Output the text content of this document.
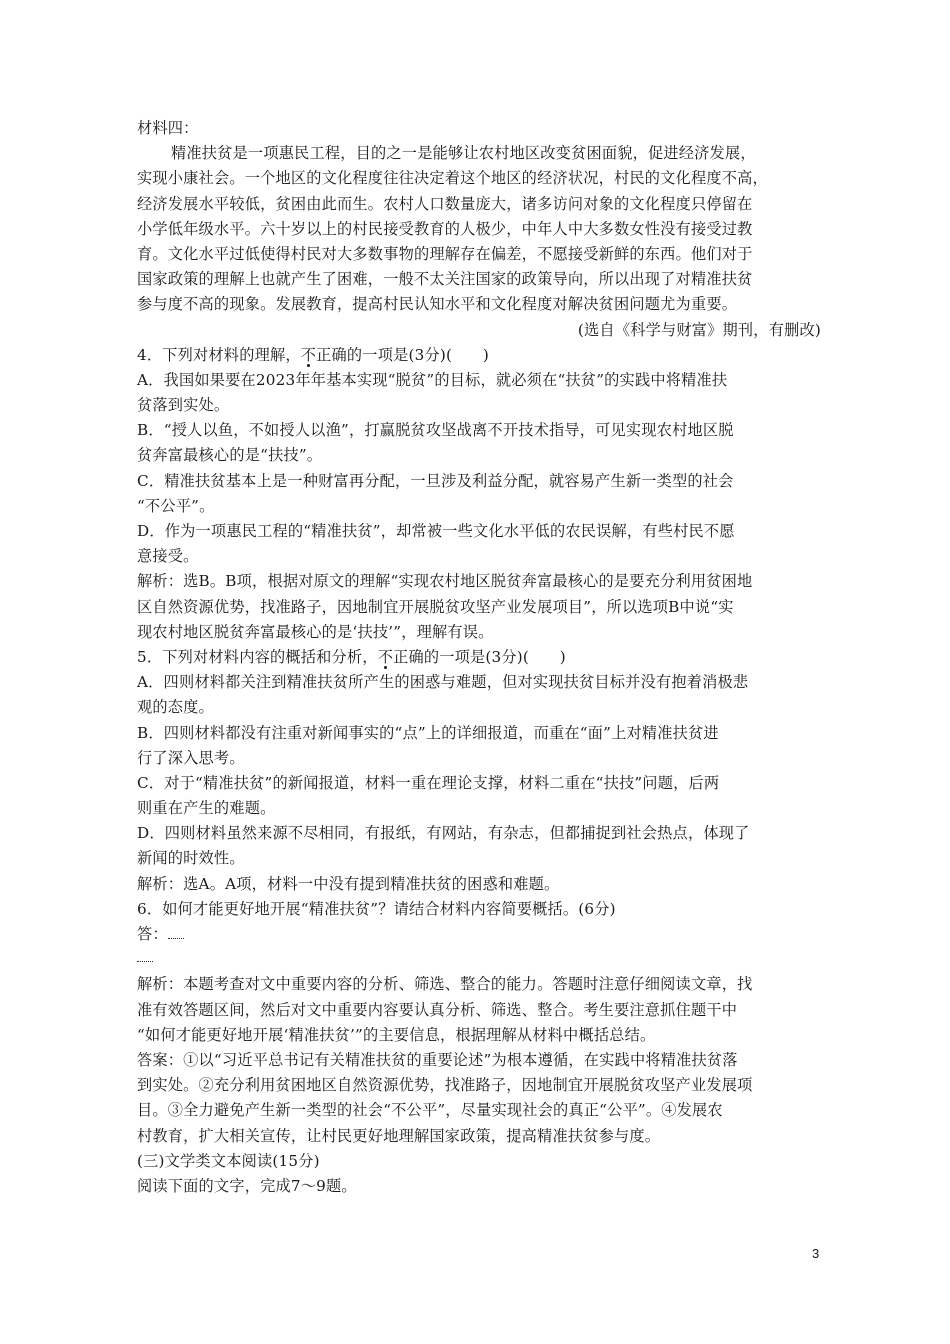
材料四：
精准扶贫是一项惠民工程，目的之一是能够让农村地区改变贫困面貌，促进经济发展，
实现小康社会。一个地区的文化程度往往决定着这个地区的经济状况，村民的文化程度不高，
经济发展水平较低，贫困由此而生。农村人口数量庞大，诸多访问对象的文化程度只停留在
小学低年级水平。六十岁以上的村民接受教育的人极少，中年人中大多数女性没有接受过教
育。文化水平过低使得村民对大多数事物的理解存在偏差，不愿接受新鲜的东西。他们对于
国家政策的理解上也就产生了困难，一般不太关注国家的政策导向，所以出现了对精准扶贫
参与度不高的现象。发展教育，提高村民认知水平和文化程度对解决贫困问题尤为重要。
(选自《科学与财富》期刊，有删改)
4．下列对材料的理解，不正确的一项是(3分)(　　)
A．我国如果要在2023年年基本实现“脱贫”的目标，就必须在“扶贫”的实践中将精准扶
贫落到实处。
B．“授人以鱼，不如授人以渔”，打赢脱贫攻坚战离不开技术指导，可见实现农村地区脱
贫奔富最核心的是“扶技”。
C．精准扶贫基本上是一种财富再分配，一旦涉及利益分配，就容易产生新一类型的社会
“不公平”。
D．作为一项惠民工程的“精准扶贫”，却常被一些文化水平低的农民误解，有些村民不愿
意接受。
解析：选B。B项，根据对原文的理解“实现农村地区脱贫奔富最核心的是要充分利用贫困地
区自然资源优势，找准路子，因地制宜开展脱贫攻坚产业发展项目”，所以选项B中说“实
现农村地区脱贫奔富最核心的是‘扶技’”，理解有误。
5．下列对材料内容的概括和分析，不正确的一项是(3分)(　　)
A．四则材料都关注到精准扶贫所产生的困惑与难题，但对实现扶贫目标并没有抱着消极悲
观的态度。
B．四则材料都没有注重对新闻事实的“点”上的详细报道，而重在“面”上对精准扶贫进
行了深入思考。
C．对于“精准扶贫”的新闻报道，材料一重在理论支撑，材料二重在“扶技”问题，后两
则重在产生的难题。
D．四则材料虽然来源不尽相同，有报纸，有网站，有杂志，但都捕捉到社会热点，体现了
新闻的时效性。
解析：选A。A项，材料一中没有提到精准扶贫的困惑和难题。
6．如何才能更好地开展“精准扶贫”？请结合材料内容简要概括。(6分)
答：
解析：本题考查对文中重要内容的分析、筛选、整合的能力。答题时注意仔细阅读文章，找
准有效答题区间，然后对文中重要内容要认真分析、筛选、整合。考生要注意抓住题干中
“如何才能更好地开展‘精准扶贫’”的主要信息，根据理解从材料中概括总结。
答案：①以“习近平总书记有关精准扶贫的重要论述”为根本遵循，在实践中将精准扶贫落
到实处。②充分利用贫困地区自然资源优势，找准路子，因地制宜开展脱贫攻坚产业发展项
目。③全力避免产生新一类型的社会“不公平”，尽量实现社会的真正“公平”。④发展农
村教育，扩大相关宣传，让村民更好地理解国家政策，提高精准扶贫参与度。
(三)文学类文本阅读(15分)
阅读下面的文字，完成7～9题。
3
